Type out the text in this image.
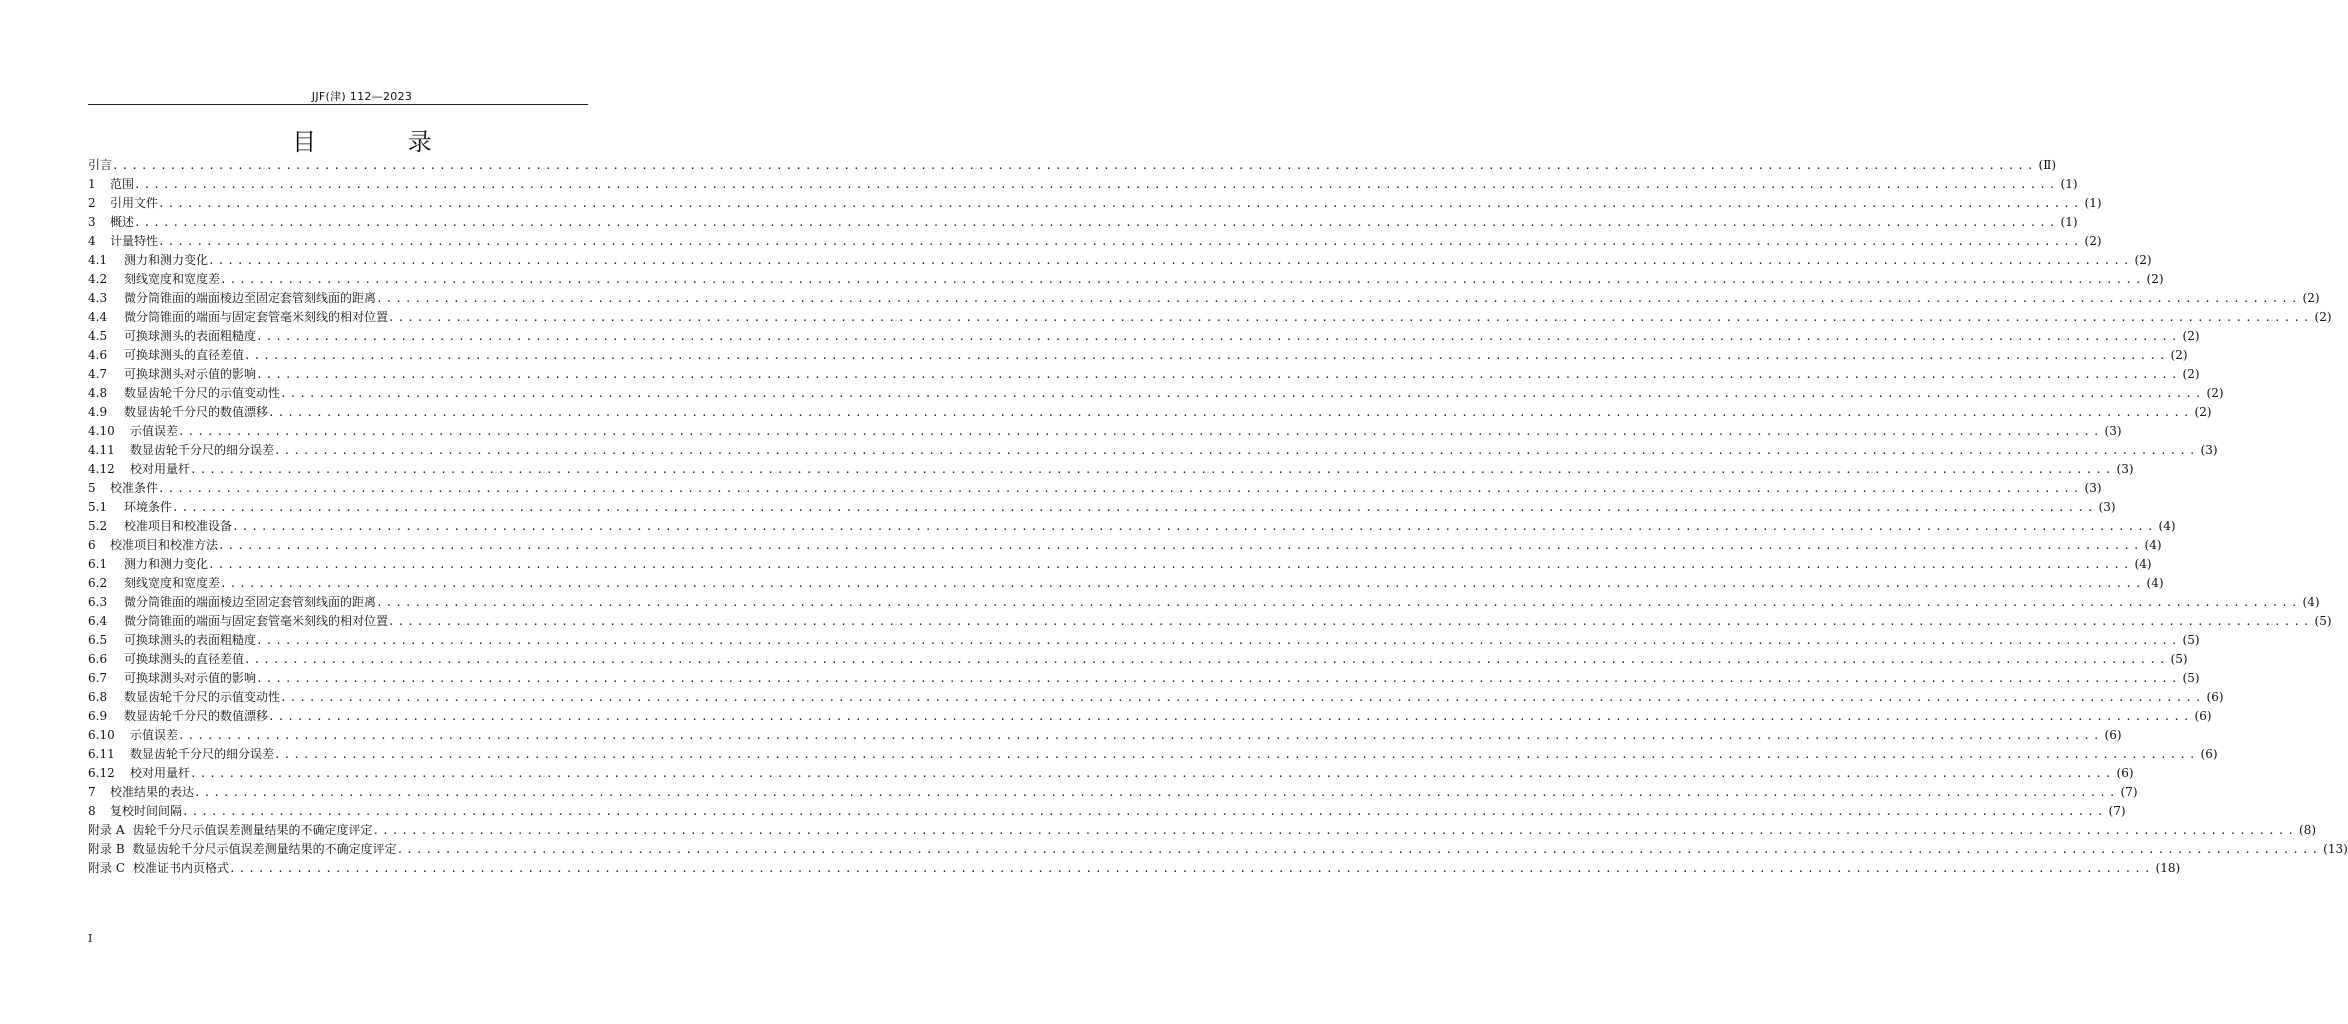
JJF(津) 112—2023
目 录
引言 ........................................................................................................................................................................................................ (Ⅱ)
1	范围 ........................................................................................................................................................................................................ (1)
2	引用文件 ........................................................................................................................................................................................................ (1)
3	概述 ........................................................................................................................................................................................................ (1)
4	计量特性 ........................................................................................................................................................................................................ (2)
4.1	测力和测力变化 ........................................................................................................................................................................................................ (2)
4.2	刻线宽度和宽度差 ........................................................................................................................................................................................................ (2)
4.3	微分筒锥面的端面棱边至固定套管刻线面的距离 ........................................................................................................................................................................................................ (2)
4.4	微分筒锥面的端面与固定套管毫米刻线的相对位置 ........................................................................................................................................................................................................ (2)
4.5	可换球测头的表面粗糙度 ........................................................................................................................................................................................................ (2)
4.6	可换球测头的直径差值 ........................................................................................................................................................................................................ (2)
4.7	可换球测头对示值的影响 ........................................................................................................................................................................................................ (2)
4.8	数显齿轮千分尺的示值变动性 ........................................................................................................................................................................................................ (2)
4.9	数显齿轮千分尺的数值漂移 ........................................................................................................................................................................................................ (2)
4.10	示值误差 ........................................................................................................................................................................................................ (3)
4.11	数显齿轮千分尺的细分误差 ........................................................................................................................................................................................................ (3)
4.12	校对用量杆 ........................................................................................................................................................................................................ (3)
5	校准条件 ........................................................................................................................................................................................................ (3)
5.1	环境条件 ........................................................................................................................................................................................................ (3)
5.2	校准项目和校准设备 ........................................................................................................................................................................................................ (4)
6	校准项目和校准方法 ........................................................................................................................................................................................................ (4)
6.1	测力和测力变化 ........................................................................................................................................................................................................ (4)
6.2	刻线宽度和宽度差 ........................................................................................................................................................................................................ (4)
6.3	微分筒锥面的端面棱边至固定套管刻线面的距离 ........................................................................................................................................................................................................ (4)
6.4	微分筒锥面的端面与固定套管毫米刻线的相对位置 ........................................................................................................................................................................................................ (5)
6.5	可换球测头的表面粗糙度 ........................................................................................................................................................................................................ (5)
6.6	可换球测头的直径差值 ........................................................................................................................................................................................................ (5)
6.7	可换球测头对示值的影响 ........................................................................................................................................................................................................ (5)
6.8	数显齿轮千分尺的示值变动性 ........................................................................................................................................................................................................ (6)
6.9	数显齿轮千分尺的数值漂移 ........................................................................................................................................................................................................ (6)
6.10	示值误差 ........................................................................................................................................................................................................ (6)
6.11	数显齿轮千分尺的细分误差 ........................................................................................................................................................................................................ (6)
6.12	校对用量杆 ........................................................................................................................................................................................................ (6)
7	校准结果的表达 ........................................................................................................................................................................................................ (7)
8	复校时间间隔 ........................................................................................................................................................................................................ (7)
附录 A 齿轮千分尺示值误差测量结果的不确定度评定 ........................................................................................................................................................................................................ (8)
附录 B 数显齿轮千分尺示值误差测量结果的不确定度评定 ........................................................................................................................................................................................................ (13)
附录 C 校准证书内页格式 ........................................................................................................................................................................................................ (18)
I
